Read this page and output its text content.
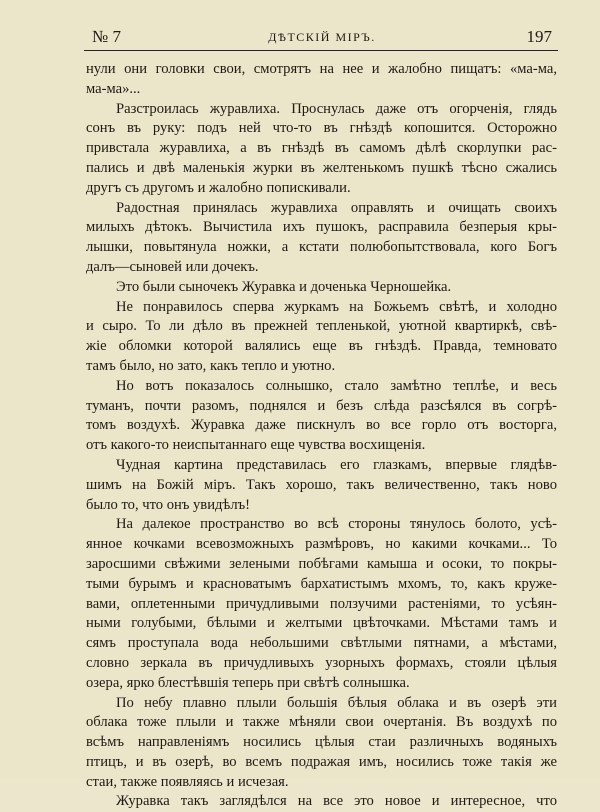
№ 7	ДѢТСКІЙ МІРЪ.	197
нули они головки свои, смотрятъ на нее и жалобно пищатъ: «ма-ма,
ма-ма»...
Разстроилась журавлиха. Проснулась даже отъ огорченія, глядь
сонъ въ руку: подъ ней что-то въ гнѣздѣ копошится. Осторожно
привстала журавлиха, а въ гнѣздѣ въ самомъ дѣлѣ скорлупки рас-
пались и двѣ маленькія журки въ желтенькомъ пушкѣ тѣсно сжались
другъ съ другомъ и жалобно попискивали.
Радостная принялась журавлиха оправлять и очищать своихъ
милыхъ дѣтокъ. Вычистила ихъ пушокъ, расправила безперыя кры-
лышки, повытянула ножки, а кстати полюбопытствовала, кого Богъ
далъ—сыновей или дочекъ.
Это были сыночекъ Журавка и доченька Черношейка.
Не понравилось сперва журкамъ на Божьемъ свѣтѣ, и холодно
и сыро. То ли дѣло въ прежней тепленькой, уютной квартиркѣ, свѣ-
жіе обломки которой валялись еще въ гнѣздѣ. Правда, темновато
тамъ было, но зато, какъ тепло и уютно.
Но вотъ показалось солнышко, стало замѣтно теплѣе, и весь
туманъ, почти разомъ, поднялся и безъ слѣда разсѣялся въ согрѣ-
томъ воздухѣ. Журавка даже пискнулъ во все горло отъ восторга,
отъ какого-то неиспытаннаго еще чувства восхищенія.
Чудная картина представилась его глазкамъ, впервые глядѣв-
шимъ на Божій міръ. Такъ хорошо, такъ величественно, такъ ново
было то, что онъ увидѣлъ!
На далекое пространство во всѣ стороны тянулось болото, усѣ-
янное кочками всевозможныхъ размѣровъ, но какими кочками... То
заросшими свѣжими зелеными побѣгами камыша и осоки, то покры-
тыми бурымъ и красноватымъ бархатистымъ мхомъ, то, какъ круже-
вами, оплетенными причудливыми ползучими растеніями, то усѣян-
ными голубыми, бѣлыми и желтыми цвѣточками. Мѣстами тамъ и
сямъ проступала вода небольшими свѣтлыми пятнами, а мѣстами,
словно зеркала въ причудливыхъ узорныхъ формахъ, стояли цѣлыя
озера, ярко блестѣвшія теперь при свѣтѣ солнышка.
По небу плавно плыли большія бѣлыя облака и въ озерѣ эти
облака тоже плыли и также мѣняли свои очертанія. Въ воздухѣ по
всѣмъ направленіямъ носились цѣлыя стаи различныхъ водяныхъ
птицъ, и въ озерѣ, во всемъ подражая имъ, носились тоже такія же
стаи, также появляясь и исчезая.
Журавка такъ заглядѣлся на все это новое и интересное, что
